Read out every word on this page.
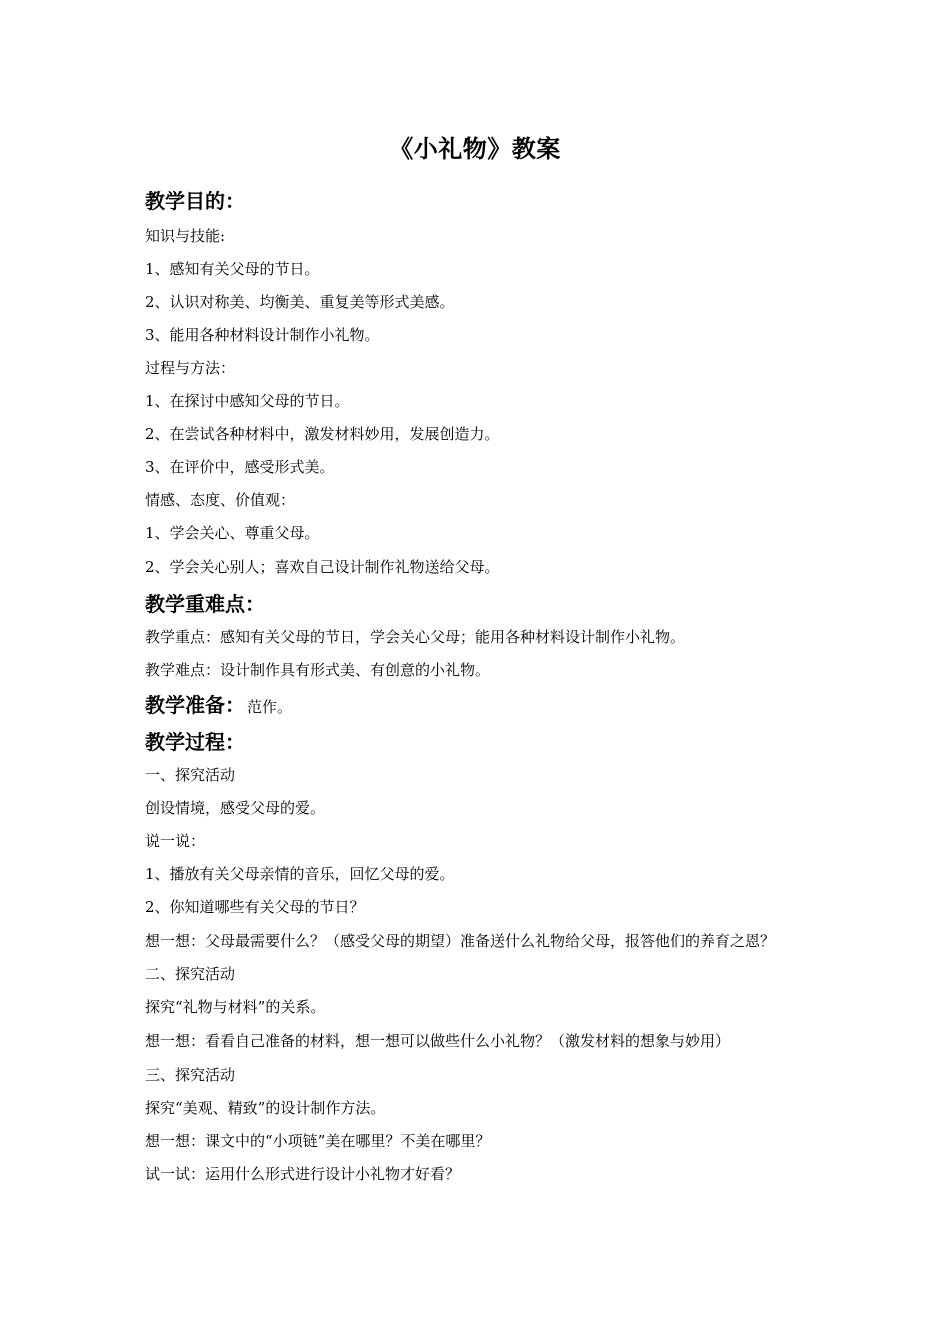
《小礼物》教案
教学目的：
知识与技能:
1、感知有关父母的节日。
2、认识对称美、均衡美、重复美等形式美感。
3、能用各种材料设计制作小礼物。
过程与方法：
1、在探讨中感知父母的节日。
2、在尝试各种材料中，激发材料妙用，发展创造力。
3、在评价中，感受形式美。
情感、态度、价值观：
1、学会关心、尊重父母。
2、学会关心别人；喜欢自己设计制作礼物送给父母。
教学重难点：
教学重点：感知有关父母的节日，学会关心父母；能用各种材料设计制作小礼物。
教学难点：设计制作具有形式美、有创意的小礼物。
教学准备： 范作。
教学过程：
一、探究活动
创设情境，感受父母的爱。
说一说：
1、播放有关父母亲情的音乐，回忆父母的爱。
2、你知道哪些有关父母的节日？
想一想：父母最需要什么？（感受父母的期望）准备送什么礼物给父母，报答他们的养育之恩？
二、探究活动
探究“礼物与材料”的关系。
想一想：看看自己准备的材料，想一想可以做些什么小礼物？（激发材料的想象与妙用）
三、探究活动
探究“美观、精致”的设计制作方法。
想一想：课文中的“小项链”美在哪里？不美在哪里？
试一试：运用什么形式进行设计小礼物才好看？
